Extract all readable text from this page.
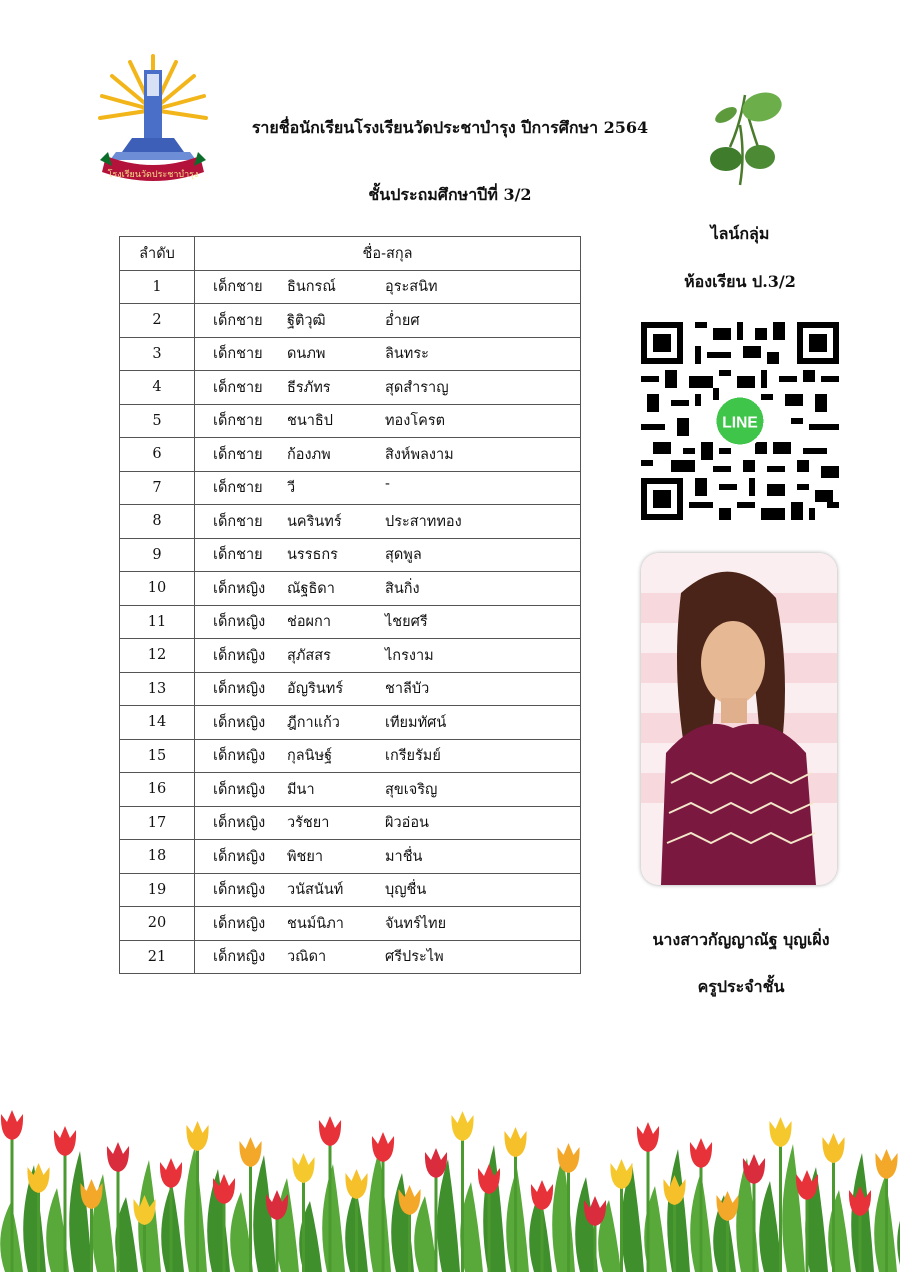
โรงเรียนวัดประชาบำรุง
รายชื่อนักเรียนโรงเรียนวัดประชาบำรุง ปีการศึกษา 2564
ชั้นประถมศึกษาปีที่ 3/2
ไลน์กลุ่ม
ห้องเรียน ป.3/2
LINE
นางสาวกัญญาณัฐ บุญเผิ่ง
ครูประจำชั้น
ลำดับ	ชื่อ-สกุล
1	เด็กชาย ธินกรณ์ อุระสนิท

2	เด็กชาย ฐิติวุฒิ อ่ำยศ

3	เด็กชาย ดนภพ ลินทระ

4	เด็กชาย ธีรภัทร สุดสำราญ

5	เด็กชาย ชนาธิป ทองโครต

6	เด็กชาย ก้องภพ สิงห์พลงาม

7	เด็กชาย วี -

8	เด็กชาย นครินทร์ ประสาททอง

9	เด็กชาย นรรธกร สุดพูล

10	เด็กหญิง ณัฐธิดา สินกิ่ง

11	เด็กหญิง ช่อผกา ไชยศรี

12	เด็กหญิง สุภัสสร ไกรงาม

13	เด็กหญิง อัญรินทร์ ชาลีบัว

14	เด็กหญิง ฎีกาแก้ว เทียมทัศน์

15	เด็กหญิง กุลนิษฐ์ เกรียรัมย์

16	เด็กหญิง มีนา สุขเจริญ

17	เด็กหญิง วรัชยา ผิวอ่อน

18	เด็กหญิง พิชยา มาชื่น

19	เด็กหญิง วนัสนันท์ บุญชื่น

20	เด็กหญิง ชนม์นิภา จันทร์ไทย

21	เด็กหญิง วณิดา ศรีประไพ
